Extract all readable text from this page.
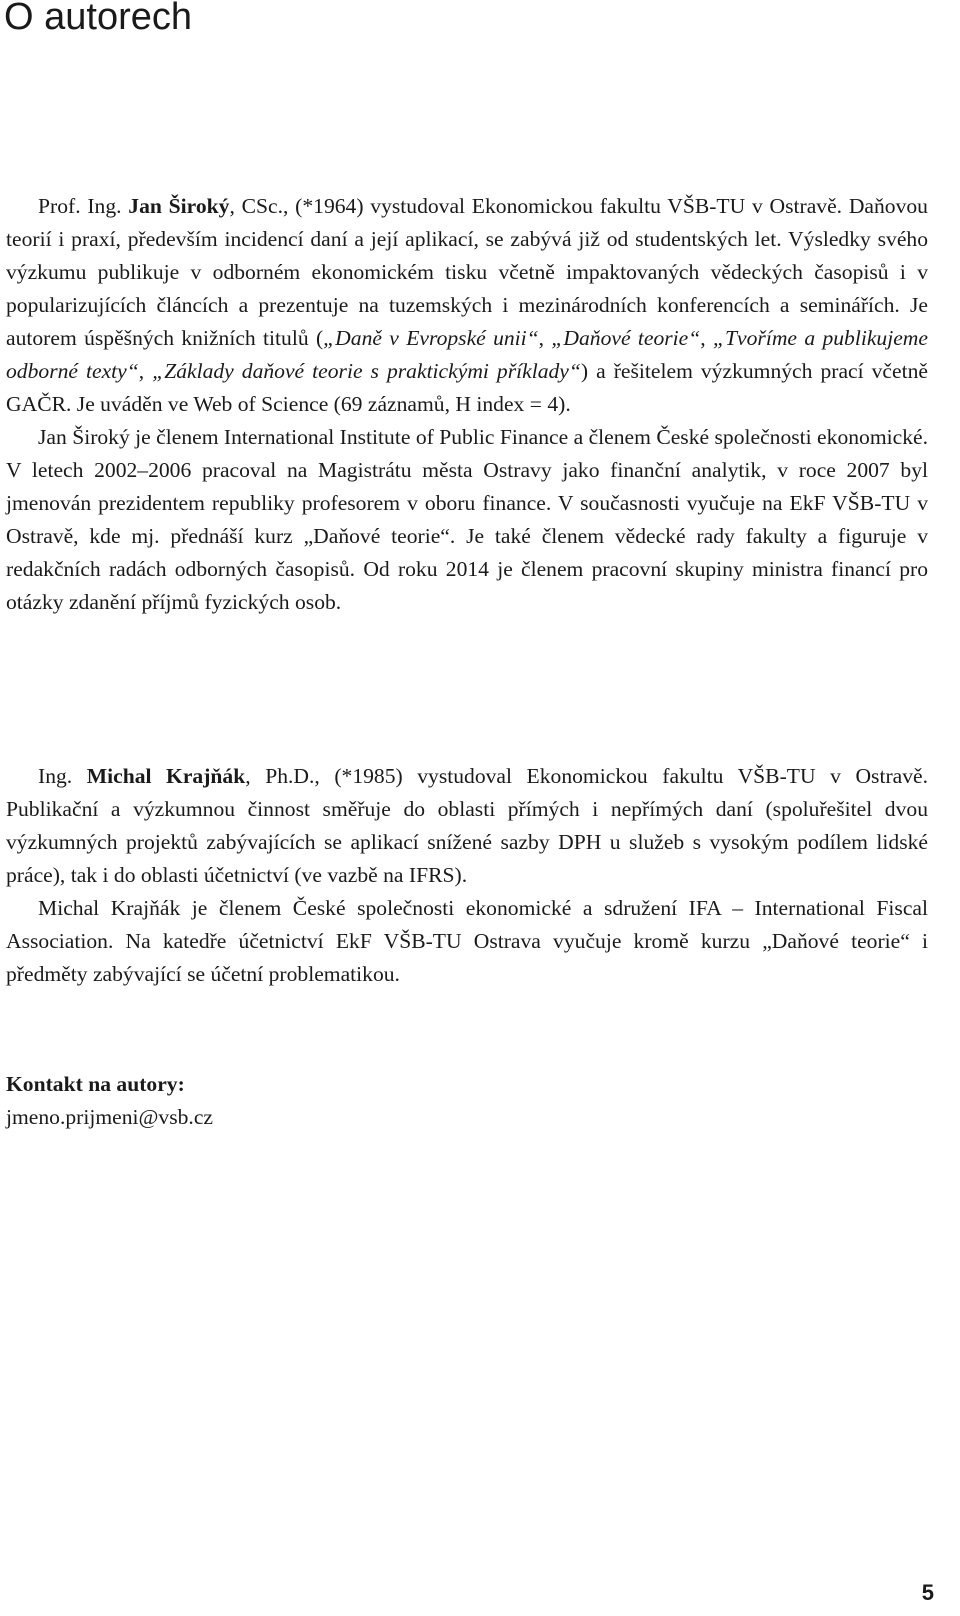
O autorech

Prof. Ing. Jan Široký, CSc., (*1964) vystudoval Ekonomickou fakultu VŠB-TU v Ostravě. Daňovou teorií i praxí, především incidencí daní a její aplikací, se zabývá již od studentských let. Výsledky svého výzkumu publikuje v odborném ekonomickém tisku včetně impaktovaných vědeckých časopisů i v popularizujících článcích a prezentuje na tuzemských i mezinárodních konferencích a seminářích. Je autorem úspěšných knižních titulů („Daně v Evropské unii“, „Daňové teorie“, „Tvoříme a publikujeme odborné texty“, „Základy daňové teorie s praktickými příklady“) a řešitelem výzkumných prací včetně GAČR. Je uváděn ve Web of Science (69 záznamů, H index = 4).

Jan Široký je členem International Institute of Public Finance a členem České společnosti ekonomické. V letech 2002–2006 pracoval na Magistrátu města Ostravy jako finanční analytik, v roce 2007 byl jmenován prezidentem republiky profesorem v oboru finance. V současnosti vyučuje na EkF VŠB-TU v Ostravě, kde mj. přednáší kurz „Daňové teorie“. Je také členem vědecké rady fakulty a figuruje v redakčních radách odborných časopisů. Od roku 2014 je členem pracovní skupiny ministra financí pro otázky zdanění příjmů fyzických osob.

Ing. Michal Krajňák, Ph.D., (*1985) vystudoval Ekonomickou fakultu VŠB-TU v Ostravě. Publikační a výzkumnou činnost směřuje do oblasti přímých i nepřímých daní (spoluřešitel dvou výzkumných projektů zabývajících se aplikací snížené sazby DPH u služeb s vysokým podílem lidské práce), tak i do oblasti účetnictví (ve vazbě na IFRS).

Michal Krajňák je členem České společnosti ekonomické a sdružení IFA – International Fiscal Association. Na katedře účetnictví EkF VŠB-TU Ostrava vyučuje kromě kurzu „Daňové teorie“ i předměty zabývající se účetní problematikou.

Kontakt na autory:

jmeno.prijmeni@vsb.cz

5
